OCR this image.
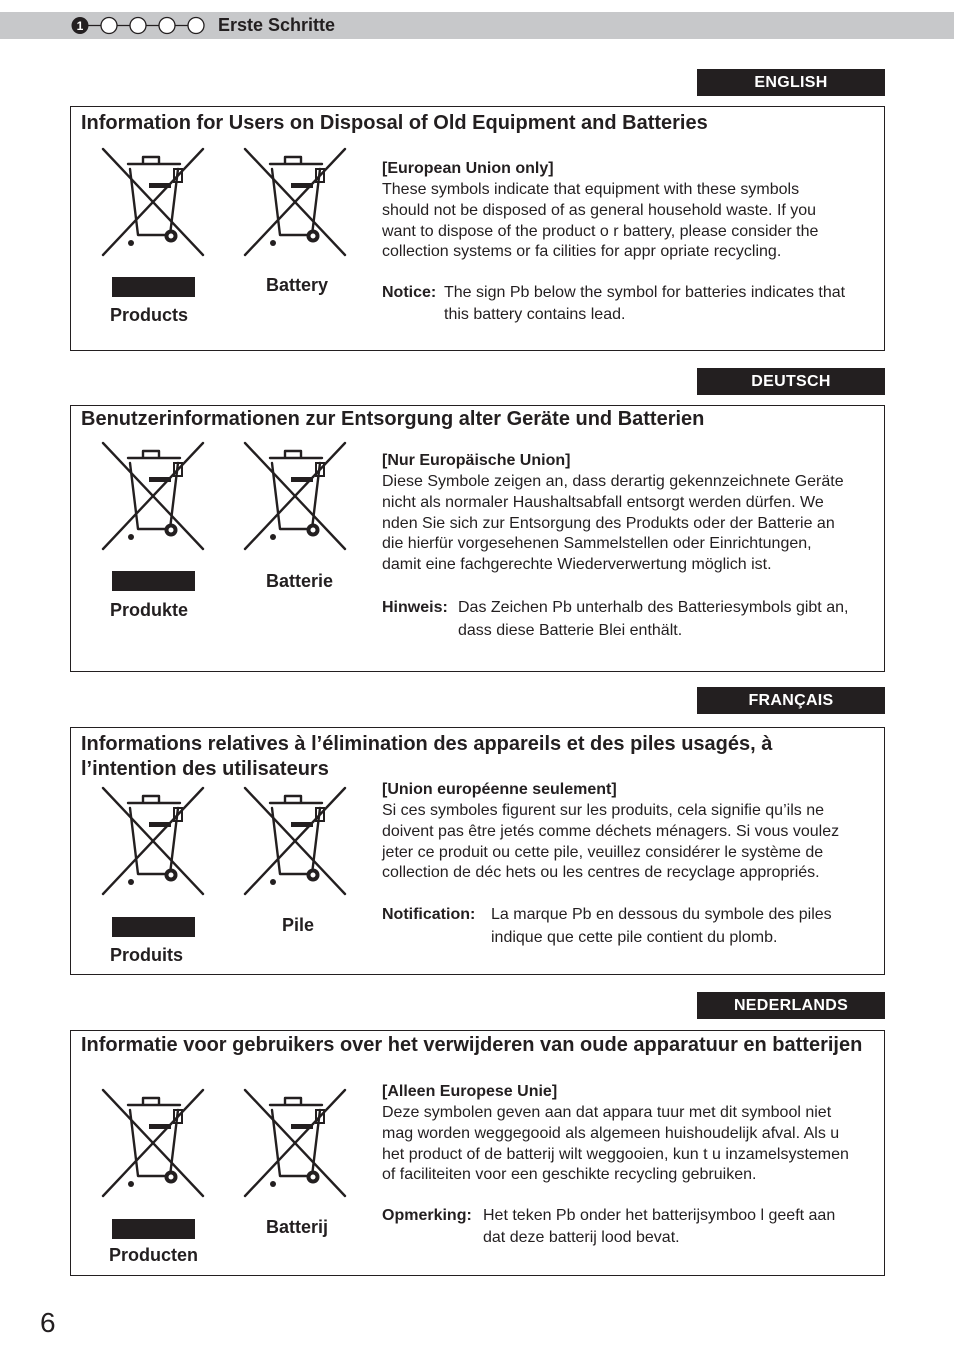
1	Erste Schritte
ENGLISH
Information for Users on Disposal of Old Equipment and Batteries
Products
Battery
[European Union only]
These symbols indicate that equipment with these symbols
should not be disposed of as general household waste. If you
want to dispose of the product o r battery, please consider the
collection systems or fa cilities for appr opriate recycling.
Notice: The sign Pb below the symbol for batteries indicates that
this battery contains lead.
DEUTSCH
Benutzerinformationen zur Entsorgung alter Geräte und Batterien
Produkte
Batterie
[Nur Europäische Union]
Diese Symbole zeigen an, dass derartig gekennzeichnete Geräte
nicht als normaler Haushaltsabfall entsorgt werden dürfen. We
nden Sie sich zur Entsorgung des Produkts oder der Batterie an
die hierfür vorgesehenen Sammelstellen oder Einrichtungen,
damit eine fachgerechte Wiederverwertung möglich ist.
Hinweis: Das Zeichen Pb unterhalb des Batteriesymbols gibt an,
dass diese Batterie Blei enthält.
FRANÇAIS
Informations relatives à l’élimination des appareils et des piles usagés, à l’intention des utilisateurs
Produits
Pile
[Union européenne seulement]
Si ces symboles figurent sur les produits, cela signifie qu’ils ne
doivent pas être jetés comme déchets ménagers. Si vous voulez
jeter ce produit ou cette pile, veuillez considérer le système de
collection de déc hets ou les centres de recyclage appropriés.
Notification: La marque Pb en dessous du symbole des piles
indique que cette pile contient du plomb.
NEDERLANDS
Informatie voor gebruikers over het verwijderen van oude apparatuur en batterijen
Producten
Batterij
[Alleen Europese Unie]
Deze symbolen geven aan dat appara tuur met dit symbool niet
mag worden weggegooid als algemeen huishoudelijk afval. Als u
het product of de batterij wilt weggooien, kun t u inzamelsystemen
of faciliteiten voor een geschikte recycling gebruiken.
Opmerking: Het teken Pb onder het batterijsymboo l geeft aan
dat deze batterij lood bevat.
6
